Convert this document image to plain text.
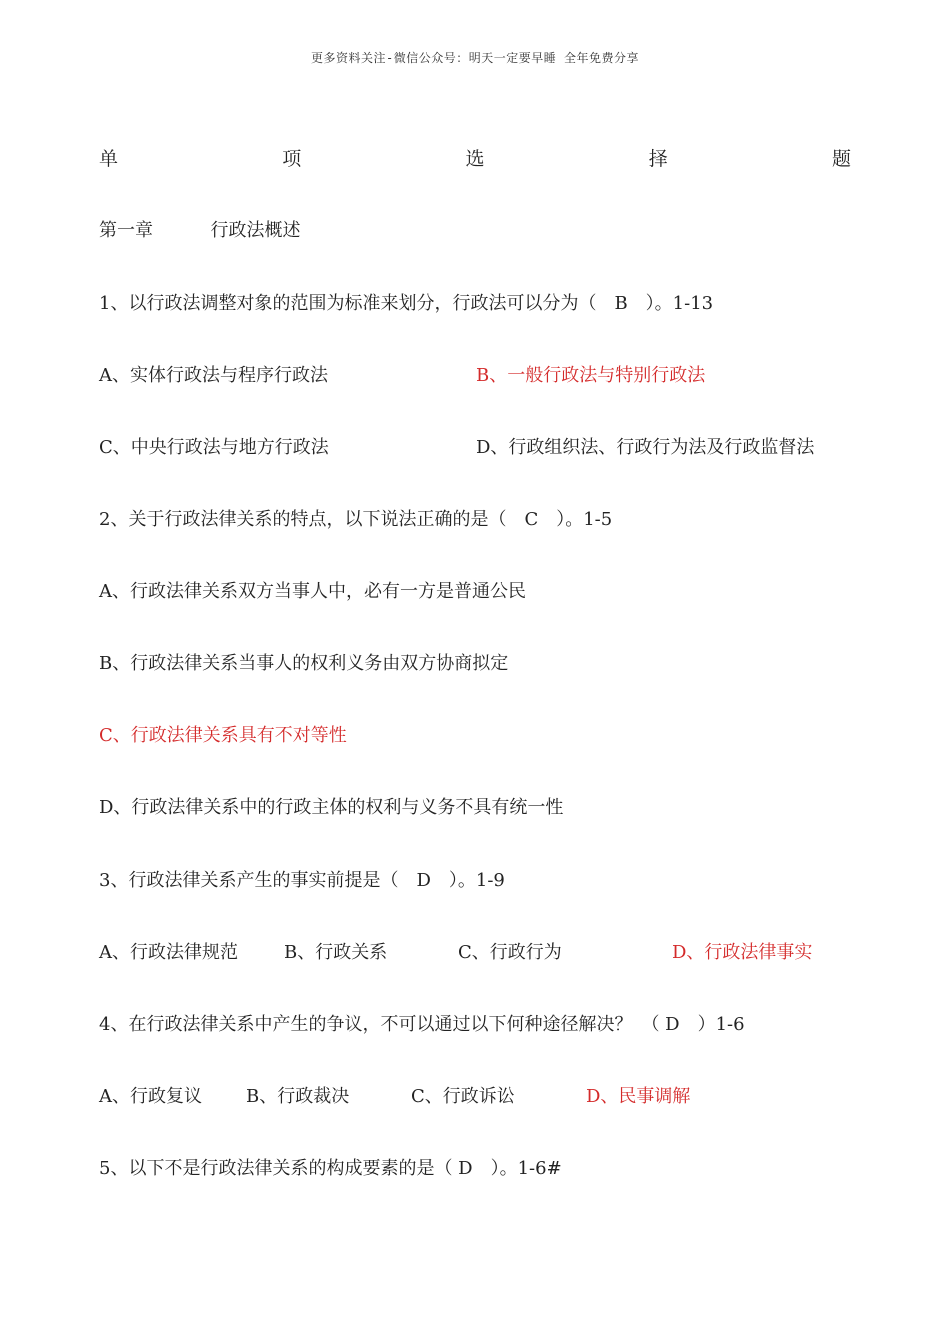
更多资料关注-微信公众号：明天一定要早睡 全年免费分享
单	项	选	择	题
第一章	行政法概述
1、以行政法调整对象的范围为标准来划分，行政法可以分为（　B　）。1-13
A、实体行政法与程序行政法	B、一般行政法与特别行政法
C、中央行政法与地方行政法	D、行政组织法、行政行为法及行政监督法
2、关于行政法律关系的特点，以下说法正确的是（　C　）。1-5
A、行政法律关系双方当事人中，必有一方是普通公民
B、行政法律关系当事人的权利义务由双方协商拟定
C、行政法律关系具有不对等性
D、行政法律关系中的行政主体的权利与义务不具有统一性
3、行政法律关系产生的事实前提是（　D　）。1-9
A、行政法律规范	B、行政关系	C、行政行为	D、行政法律事实
4、在行政法律关系中产生的争议，不可以通过以下何种途径解决？　（ D　）1-6
A、行政复议 B、行政裁决	C、行政诉讼	D、民事调解
5、以下不是行政法律关系的构成要素的是（ D　）。1-6#
